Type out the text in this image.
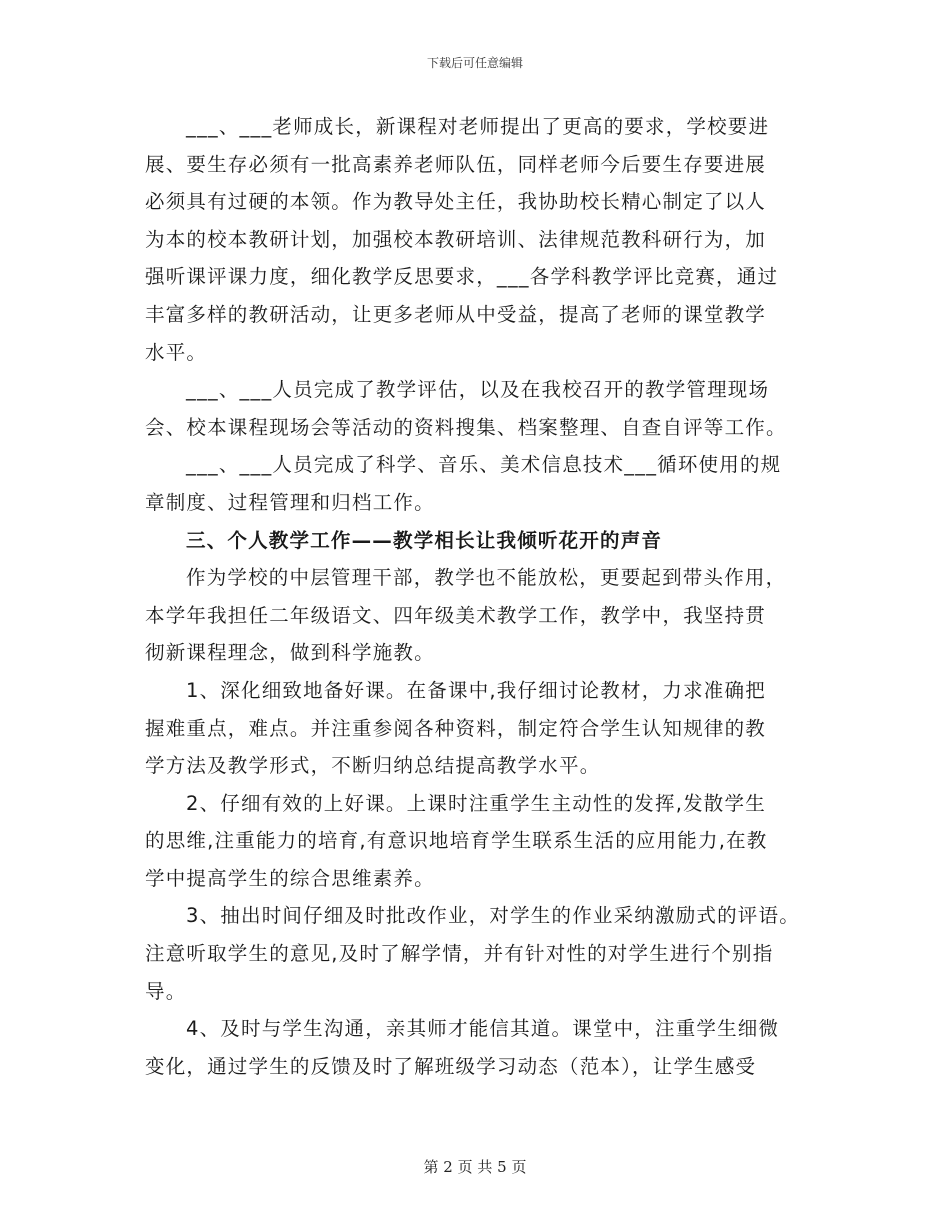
下载后可任意编辑
___、___老师成长，新课程对老师提出了更高的要求，学校要进
展、要生存必须有一批高素养老师队伍，同样老师今后要生存要进展
必须具有过硬的本领。作为教导处主任，我协助校长精心制定了以人
为本的校本教研计划，加强校本教研培训、法律规范教科研行为，加
强听课评课力度，细化教学反思要求，___各学科教学评比竞赛，通过
丰富多样的教研活动，让更多老师从中受益，提高了老师的课堂教学
水平。
___、___人员完成了教学评估，以及在我校召开的教学管理现场
会、校本课程现场会等活动的资料搜集、档案整理、自查自评等工作。
___、___人员完成了科学、音乐、美术信息技术___循环使用的规
章制度、过程管理和归档工作。
三、个人教学工作——教学相长让我倾听花开的声音
作为学校的中层管理干部，教学也不能放松，更要起到带头作用，
本学年我担任二年级语文、四年级美术教学工作，教学中，我坚持贯
彻新课程理念，做到科学施教。
1、深化细致地备好课。在备课中,我仔细讨论教材，力求准确把
握难重点，难点。并注重参阅各种资料，制定符合学生认知规律的教
学方法及教学形式，不断归纳总结提高教学水平。
2、仔细有效的上好课。上课时注重学生主动性的发挥,发散学生
的思维,注重能力的培育,有意识地培育学生联系生活的应用能力,在教
学中提高学生的综合思维素养。
3、抽出时间仔细及时批改作业，对学生的作业采纳激励式的评语。
注意听取学生的意见,及时了解学情，并有针对性的对学生进行个别指
导。
4、及时与学生沟通，亲其师才能信其道。课堂中，注重学生细微
变化，通过学生的反馈及时了解班级学习动态（范本），让学生感受
第 2 页 共 5 页
